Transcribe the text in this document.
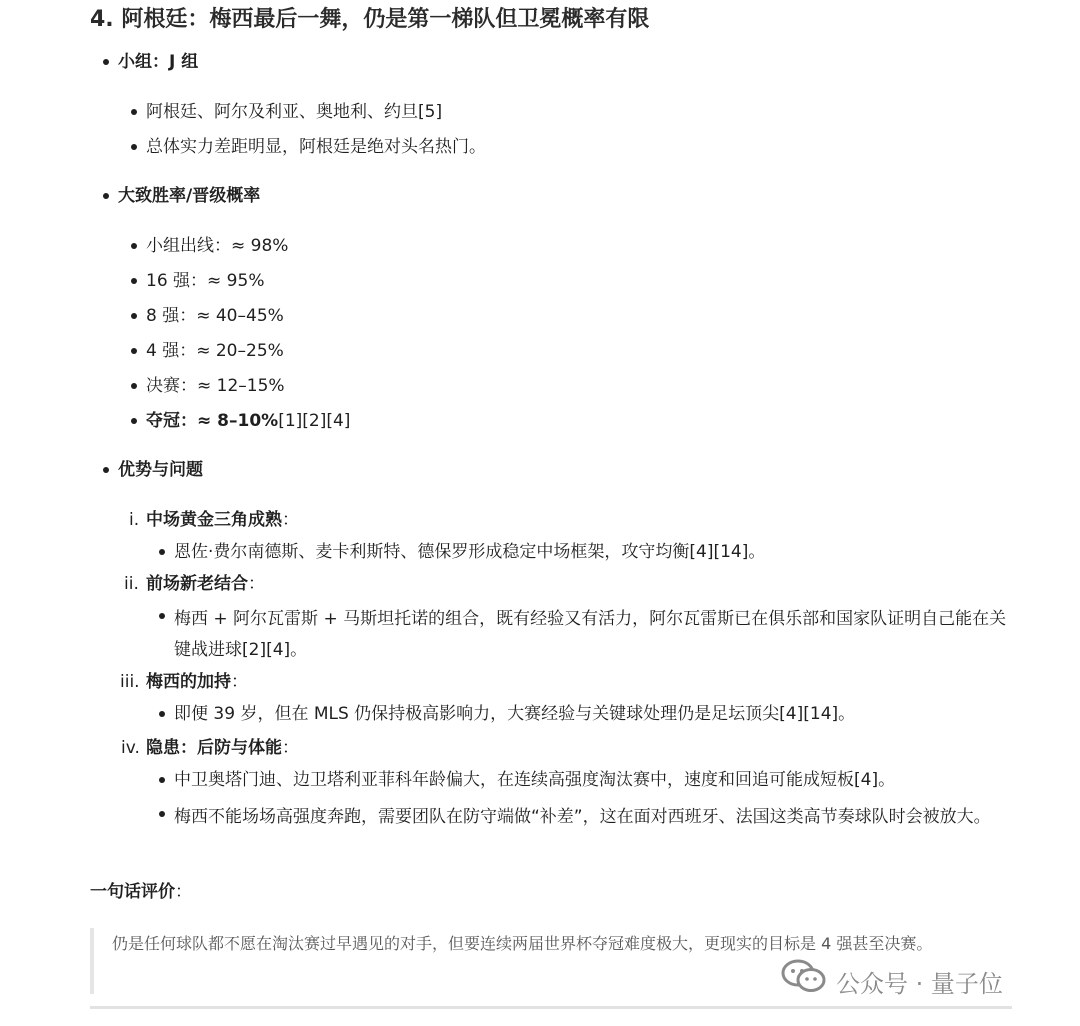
4. 阿根廷：梅西最后一舞，仍是第一梯队但卫冕概率有限
小组：J 组
阿根廷、阿尔及利亚、奥地利、约旦[5]
总体实力差距明显，阿根廷是绝对头名热门。
大致胜率/晋级概率
小组出线：≈ 98%
16 强：≈ 95%
8 强：≈ 40–45%
4 强：≈ 20–25%
决赛：≈ 12–15%
夺冠：≈ 8–10%[1][2][4]
优势与问题
i. 中场黄金三角成熟：
恩佐·费尔南德斯、麦卡利斯特、德保罗形成稳定中场框架，攻守均衡[4][14]。
ii. 前场新老结合：
梅西 + 阿尔瓦雷斯 + 马斯坦托诺的组合，既有经验又有活力，阿尔瓦雷斯已在俱乐部和国家队证明自己能在关键战进球[2][4]。
iii. 梅西的加持：
即便 39 岁，但在 MLS 仍保持极高影响力，大赛经验与关键球处理仍是足坛顶尖[4][14]。
iv. 隐患：后防与体能：
中卫奥塔门迪、边卫塔利亚菲科年龄偏大，在连续高强度淘汰赛中，速度和回追可能成短板[4]。
梅西不能场场高强度奔跑，需要团队在防守端做“补差”，这在面对西班牙、法国这类高节奏球队时会被放大。
一句话评价：
仍是任何球队都不愿在淘汰赛过早遇见的对手，但要连续两届世界杯夺冠难度极大，更现实的目标是 4 强甚至决赛。
公众号 · 量子位
